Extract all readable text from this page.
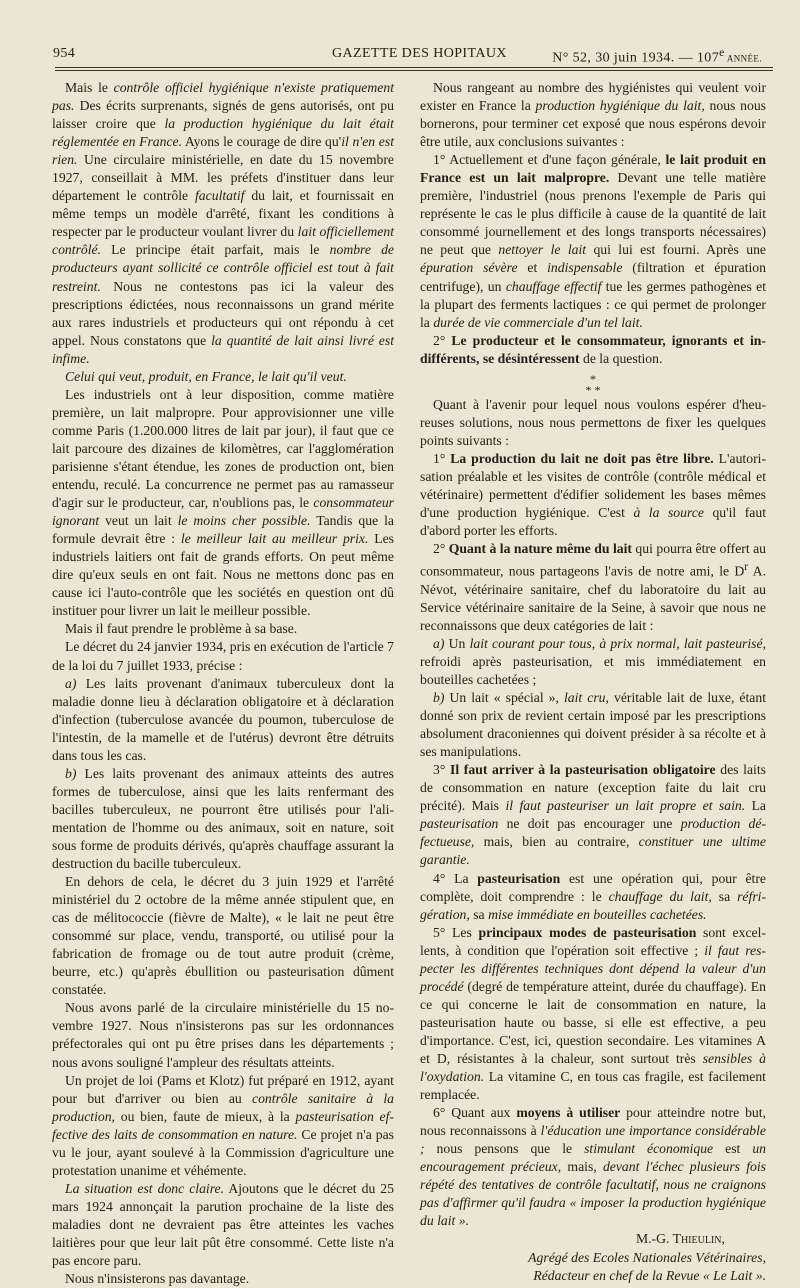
954	GAZETTE DES HOPITAUX	N° 52, 30 juin 1934. — 107e ANNÉE.

Mais le contrôle officiel hygiénique n'existe pratiquement pas. Des écrits surprenants, signés de gens autorisés, ont pu laisser croire que la production hygiénique du lait était réglementée en France. Ayons le courage de dire qu'il n'en est rien. Une circulaire ministérielle, en date du 15 novembre 1927, conseillait à MM. les préfets d'instituer dans leur département le contrôle facultatif du lait, et fournissait en même temps un modèle d'arrêté, fixant les conditions à respecter par le producteur voulant livrer du lait officiellement contrôlé. Le principe était parfait, mais le nombre de producteurs ayant sollicité ce contrôle officiel est tout à fait restreint. Nous ne contestons pas ici la valeur des prescriptions édictées, nous reconnaissons un grand mérite aux rares industriels et producteurs qui ont répondu à cet appel. Nous constatons que la quantité de lait ainsi livré est infime.

Celui qui veut, produit, en France, le lait qu'il veut.

Les industriels ont à leur disposition, comme matière première, un lait malpropre. Pour approvisionner une ville comme Paris (1.200.000 litres de lait par jour), il faut que ce lait parcoure des dizaines de kilomètres, car l'agglomération parisienne s'étant étendue, les zones de production ont, bien entendu, reculé. La concurrence ne permet pas au ramasseur d'agir sur le producteur, car, n'oublions pas, le consommateur ignorant veut un lait le moins cher possible. Tandis que la formule devrait être : le meilleur lait au meilleur prix. Les industriels laitiers ont fait de grands efforts. On peut même dire qu'eux seuls en ont fait. Nous ne mettons donc pas en cause ici l'auto-contrôle que les sociétés en question ont dû instituer pour livrer un lait le meilleur possible.

Mais il faut prendre le problème à sa base.

Le décret du 24 janvier 1934, pris en exécution de l'article 7 de la loi du 7 juillet 1933, précise :

a) Les laits provenant d'animaux tuberculeux dont la maladie donne lieu à déclaration obligatoire et à déclaration d'infection (tuberculose avancée du poumon, tuberculose de l'intestin, de la mamelle et de l'utérus) devront être détruits dans tous les cas.

b) Les laits provenant des animaux atteints des autres formes de tuberculose, ainsi que les laits renfermant des bacilles tuberculeux, ne pourront être utilisés pour l'alimentation de l'homme ou des animaux, soit en nature, soit sous forme de produits dérivés, qu'après chauffage assurant la destruction du bacille tuberculeux.

En dehors de cela, le décret du 3 juin 1929 et l'arrêté ministériel du 2 octobre de la même année stipulent que, en cas de mélitococcie (fièvre de Malte), « le lait ne peut être consommé sur place, vendu, transporté, ou utilisé pour la fabrication de fromage ou de tout autre produit (crème, beurre, etc.) qu'après ébullition ou pasteurisation dûment constatée.

Nous avons parlé de la circulaire ministérielle du 15 novembre 1927. Nous n'insisterons pas sur les ordonnances préfectorales qui ont pu être prises dans les départements ; nous avons souligné l'ampleur des résultats atteints.

Un projet de loi (Pams et Klotz) fut préparé en 1912, ayant pour but d'arriver ou bien au contrôle sanitaire à la production, ou bien, faute de mieux, à la pasteurisation effective des laits de consommation en nature. Ce projet n'a pas vu le jour, ayant soulevé à la Commission d'agriculture une protestation unanime et véhémente.

La situation est donc claire. Ajoutons que le décret du 25 mars 1924 annonçait la parution prochaine de la liste des maladies dont ne devraient pas être atteintes les vaches laitières pour que leur lait pût être consommé. Cette liste n'a pas encore paru.

Nous n'insisterons pas davantage.

Nous rangeant au nombre des hygiénistes qui veulent voir exister en France la production hygiénique du lait, nous nous bornerons, pour terminer cet exposé que nous espérons devoir être utile, aux conclusions suivantes :

1° Actuellement et d'une façon générale, le lait produit en France est un lait malpropre. Devant une telle matière première, l'industriel (nous prenons l'exemple de Paris qui représente le cas le plus difficile à cause de la quantité de lait consommé journellement et des longs transports nécessaires) ne peut que nettoyer le lait qui lui est fourni. Après une épuration sévère et indispensable (filtration et épuration centrifuge), un chauffage effectif tue les germes pathogènes et la plupart des ferments lactiques : ce qui permet de prolonger la durée de vie commerciale d'un tel lait.

2° Le producteur et le consommateur, ignorants et indifférents, se désintéressent de la question.

*
* *

Quant à l'avenir pour lequel nous voulons espérer d'heureuses solutions, nous nous permettons de fixer les quelques points suivants :

1° La production du lait ne doit pas être libre. L'autorisation préalable et les visites de contrôle (contrôle médical et vétérinaire) permettent d'édifier solidement les bases mêmes d'une production hygiénique. C'est à la source qu'il faut d'abord porter les efforts.

2° Quant à la nature même du lait qui pourra être offert au consommateur, nous partageons l'avis de notre ami, le $D^r$ A. Névot, vétérinaire sanitaire, chef du laboratoire du lait au Service vétérinaire sanitaire de la Seine, à savoir que nous ne reconnaissons que deux catégories de lait :

a) Un lait courant pour tous, à prix normal, lait pasteurisé, refroidi après pasteurisation, et mis immédiatement en bouteilles cachetées ;

b) Un lait « spécial », lait cru, véritable lait de luxe, étant donné son prix de revient certain imposé par les prescriptions absolument draconiennes qui doivent présider à sa récolte et à ses manipulations.

3° Il faut arriver à la pasteurisation obligatoire des laits de consommation en nature (exception faite du lait cru précité). Mais il faut pasteuriser un lait propre et sain. La pasteurisation ne doit pas encourager une production défectueuse, mais, bien au contraire, constituer une ultime garantie.

4° La pasteurisation est une opération qui, pour être complète, doit comprendre : le chauffage du lait, sa réfrigération, sa mise immédiate en bouteilles cachetées.

5° Les principaux modes de pasteurisation sont excellents, à condition que l'opération soit effective ; il faut respecter les différentes techniques dont dépend la valeur d'un procédé (degré de température atteint, durée du chauffage). En ce qui concerne le lait de consommation en nature, la pasteurisation haute ou basse, si elle est effective, a peu d'importance. C'est, ici, question secondaire. Les vitamines A et D, résistantes à la chaleur, sont surtout très sensibles à l'oxydation. La vitamine C, en tous cas fragile, est facilement remplacée.

6° Quant aux moyens à utiliser pour atteindre notre but, nous reconnaissons à l'éducation une importance considérable ; nous pensons que le stimulant économique est un encouragement précieux, mais, devant l'échec plusieurs fois répété des tentatives de contrôle facultatif, nous ne craignons pas d'affirmer qu'il faudra « imposer la production hygiénique du lait ».

M.-G. Thieulin,

Agrégé des Ecoles Nationales Vétérinaires,

Rédacteur en chef de la Revue « Le Lait ».
